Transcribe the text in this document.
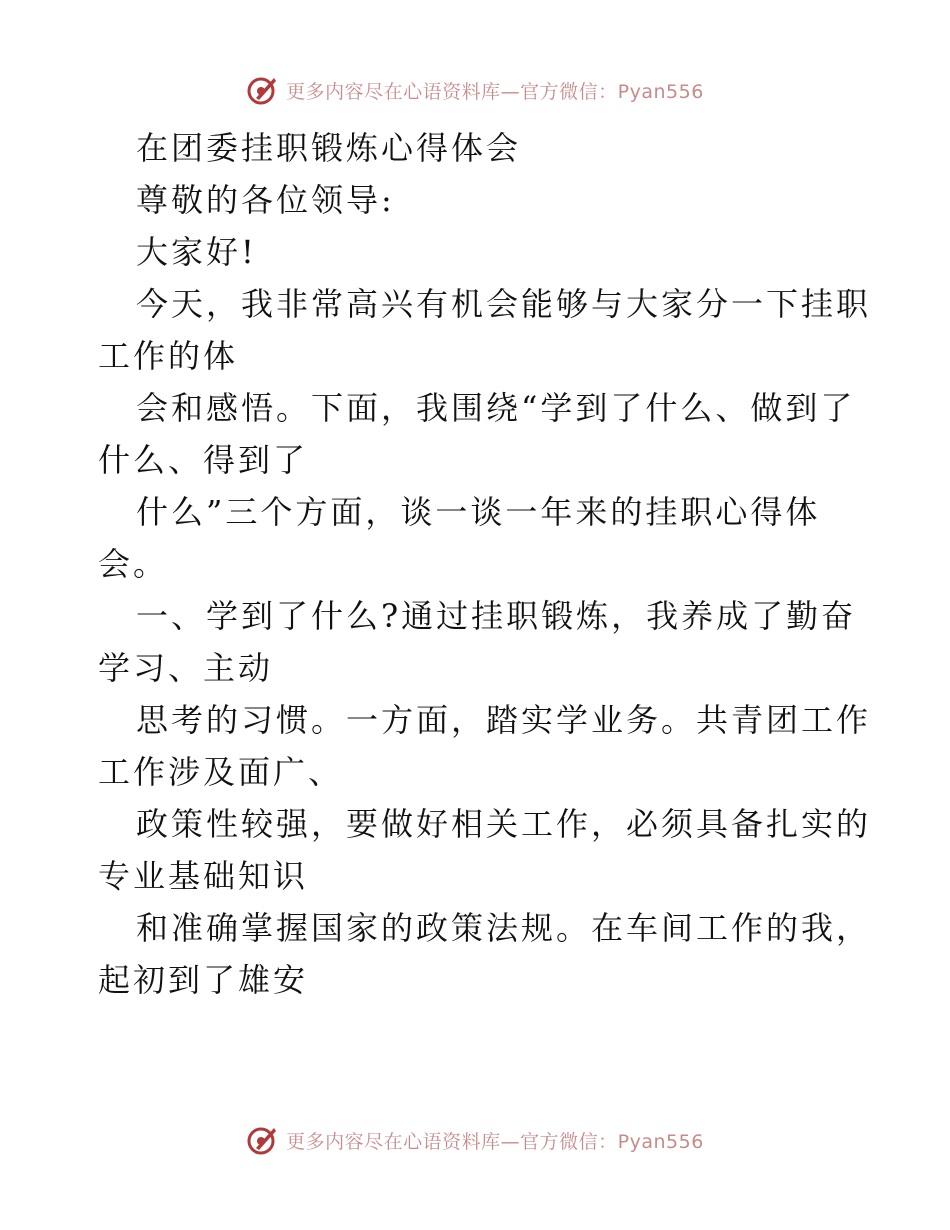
更多内容尽在心语资料库—官方微信：Pyan556
在团委挂职锻炼心得体会
尊敬的各位领导:
大家好!
今天，我非常高兴有机会能够与大家分一下挂职
工作的体
会和感悟。下面，我围绕“学到了什么、做到了
什么、得到了
什么”三个方面，谈一谈一年来的挂职心得体
会。
一、学到了什么?通过挂职锻炼，我养成了勤奋
学习、主动
思考的习惯。一方面，踏实学业务。共青团工作
工作涉及面广、
政策性较强，要做好相关工作，必须具备扎实的
专业基础知识
和准确掌握国家的政策法规。在车间工作的我，
起初到了雄安
更多内容尽在心语资料库—官方微信：Pyan556
